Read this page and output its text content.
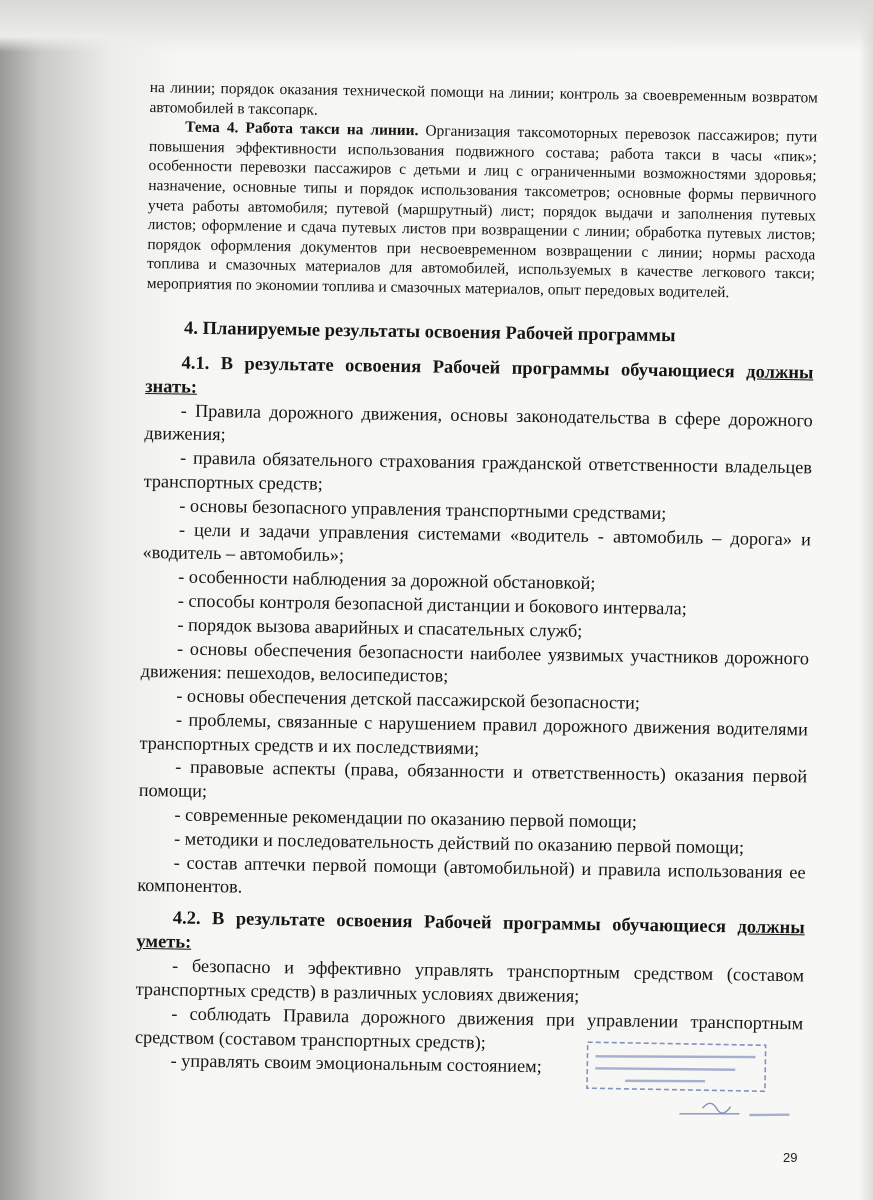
на линии; порядок оказания технической помощи на линии; контроль за своевременным возвратом автомобилей в таксопарк.

Тема 4. Работа такси на линии. Организация таксомоторных перевозок пассажиров; пути повышения эффективности использования подвижного состава; работа такси в часы «пик»; особенности перевозки пассажиров с детьми и лиц с ограниченными возможностями здоровья; назначение, основные типы и порядок использования таксометров; основные формы первичного учета работы автомобиля; путевой (маршрутный) лист; порядок выдачи и заполнения путевых листов; оформление и сдача путевых листов при возвращении с линии; обработка путевых листов; порядок оформления документов при несвоевременном возвращении с линии; нормы расхода топлива и смазочных материалов для автомобилей, используемых в качестве легкового такси; мероприятия по экономии топлива и смазочных материалов, опыт передовых водителей.

4. Планируемые результаты освоения Рабочей программы

4.1. В результате освоения Рабочей программы обучающиеся должны знать:

- Правила дорожного движения, основы законодательства в сфере дорожного движения;

- правила обязательного страхования гражданской ответственности владельцев транспортных средств;

- основы безопасного управления транспортными средствами;

- цели и задачи управления системами «водитель - автомобиль – дорога» и «водитель – автомобиль»;

- особенности наблюдения за дорожной обстановкой;

- способы контроля безопасной дистанции и бокового интервала;

- порядок вызова аварийных и спасательных служб;

- основы обеспечения безопасности наиболее уязвимых участников дорожного движения: пешеходов, велосипедистов;

- основы обеспечения детской пассажирской безопасности;

- проблемы, связанные с нарушением правил дорожного движения водителями транспортных средств и их последствиями;

- правовые аспекты (права, обязанности и ответственность) оказания первой помощи;

- современные рекомендации по оказанию первой помощи;

- методики и последовательность действий по оказанию первой помощи;

- состав аптечки первой помощи (автомобильной) и правила использования ее компонентов.

4.2. В результате освоения Рабочей программы обучающиеся должны уметь:

- безопасно и эффективно управлять транспортным средством (составом транспортных средств) в различных условиях движения;

- соблюдать Правила дорожного движения при управлении транспортным средством (составом транспортных средств);

- управлять своим эмоциональным состоянием;

29
